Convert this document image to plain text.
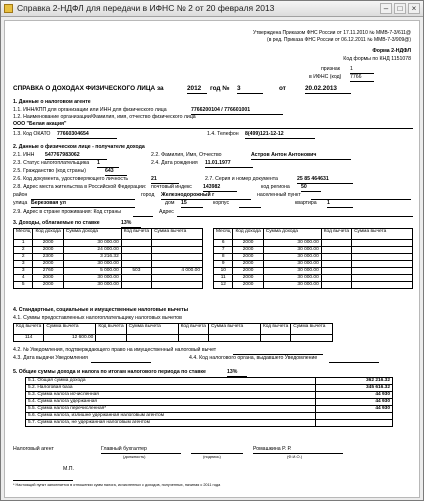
Справка 2-НДФЛ для передачи в ИФНС № 2 от 20 февраля 2013	–	□	×
Утверждена Приказом ФНС России от 17.11.2010 № ММВ-7-3/611@
(в ред. Приказа ФНС России от 06.12.2011 № ММВ-7-3/909@)
Форма 2-НДФЛ
Код формы по КНД 1151078
признак 1
в ИФНС (код) 7766
СПРАВКА О ДОХОДАХ ФИЗИЧЕСКОГО ЛИЦА за	2012	год № 3	от	20.02.2013
1. Данные о налоговом агенте
1.1. ИНН/КПП для организации или ИНН для физического лица	7766200104 / 776601001
1.2. Наименование организации/Фамилия, имя, отчество физического лица
ООО "Белая акация"
1.3. Код ОКАТО 77660304654	1.4. Телефон 8(499)121-12-12
2. Данные о физическом лице - получателе дохода
2.1. ИНН 547767983062	2.2. Фамилия, Имя, Отчество	Астров Антон Антонович
2.3. Статус налогоплательщика 1	2.4. Дата рождения 11.01.1977
2.5. Гражданство (код страны)	643
2.6. Код документа, удостоверяющего личность	21	2.7. Серия и номер документа	25 85 464631
2.8. Адрес места жительства в Российской Федерации: почтовый индекс 143982	код региона 50
район	город Железнодорожный г	населенный пункт
улица Березовая ул	дом 15	корпус	квартира 1
2.9. Адрес в стране проживания: Код страны	Адрес
3. Доходы, облагаемые по ставке	13%
Месяц	Код дохода	Сумма дохода	Код вычета	Сумма вычета
1	2000	30 000.00		
2	2000	24 000.00		
2	2300	3 216.32		
3	2000	30 000.00		
3	2760	5 000.00	503	4 000.00
4	2000	30 000.00		
5	2000	30 000.00		
Месяц	Код дохода	Сумма дохода	Код вычета	Сумма вычета
6	2000	30 000.00		
7	2000	30 000.00		
8	2000	30 000.00		
9	2000	30 000.00		
10	2000	30 000.00		
11	2000	30 000.00		
12	2000	30 000.00		
4. Стандартные, социальные и имущественные налоговые вычеты
4.1. Суммы предоставленных налогоплательщику налоговых вычетов
Код вычета	Сумма вычета	Код вычета	Сумма вычета	Код вычета	Сумма вычета	Код вычета	Сумма вычета
114	12 600.00						
4.2. № Уведомления, подтверждающего право на имущественный налоговый вычет
4.3. Дата выдачи Уведомления	4.4. Код налогового органа, выдавшего Уведомление
5. Общие суммы дохода и налога по итогам налогового периода по ставке	13%
5.1. Общая сумма дохода	362 216.32
5.2. Налоговая база	345 616.32
5.3. Сумма налога исчисленная	44 930
5.4. Сумма налога удержанная	44 930
5.5. Сумма налога перечисленная*	44 930
5.6. Сумма налога, излишне удержанная налоговым агентом	
5.7. Сумма налога, не удержанная налоговым агентом	
Налоговый агент	Главный бухгалтер	Ромашкина Р. Р.
(должность)	(подпись)	(Ф.И.О.)
М.П.
* Настоящий пункт заполняется в отношении сумм налога, исчисленных с доходов, полученных, начиная с 2011 года
